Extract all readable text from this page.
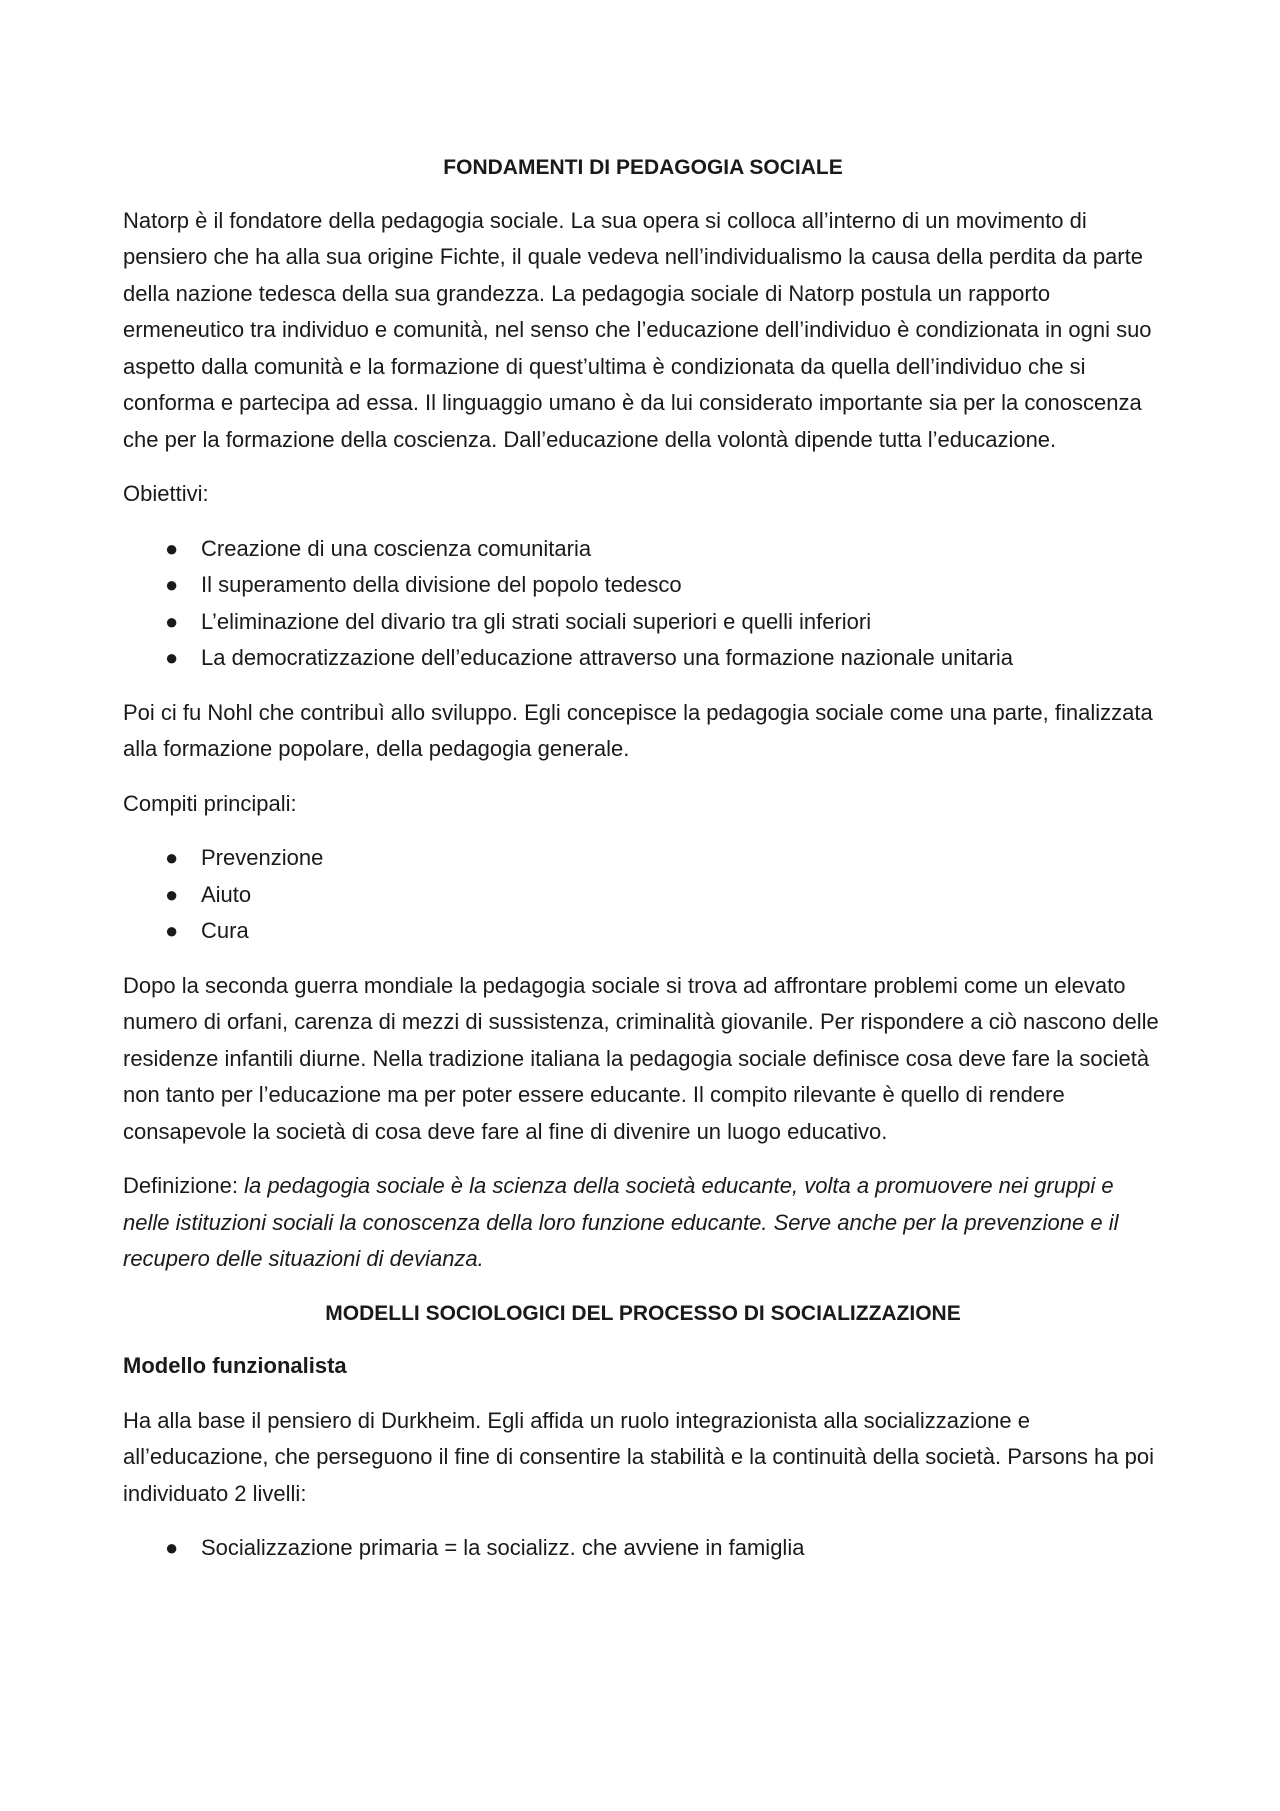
FONDAMENTI DI PEDAGOGIA SOCIALE

Natorp è il fondatore della pedagogia sociale. La sua opera si colloca all’interno di un movimento di pensiero che ha alla sua origine Fichte, il quale vedeva nell’individualismo la causa della perdita da parte della nazione tedesca della sua grandezza. La pedagogia sociale di Natorp postula un rapporto ermeneutico tra individuo e comunità, nel senso che l’educazione dell’individuo è condizionata in ogni suo aspetto dalla comunità e la formazione di quest’ultima è condizionata da quella dell’individuo che si conforma e partecipa ad essa. Il linguaggio umano è da lui considerato importante sia per la conoscenza che per la formazione della coscienza. Dall’educazione della volontà dipende tutta l’educazione.

Obiettivi:

● Creazione di una coscienza comunitaria
● Il superamento della divisione del popolo tedesco
● L’eliminazione del divario tra gli strati sociali superiori e quelli inferiori
● La democratizzazione dell’educazione attraverso una formazione nazionale unitaria

Poi ci fu Nohl che contribuì allo sviluppo. Egli concepisce la pedagogia sociale come una parte, finalizzata alla formazione popolare, della pedagogia generale.

Compiti principali:

● Prevenzione
● Aiuto
● Cura

Dopo la seconda guerra mondiale la pedagogia sociale si trova ad affrontare problemi come un elevato numero di orfani, carenza di mezzi di sussistenza, criminalità giovanile. Per rispondere a ciò nascono delle residenze infantili diurne. Nella tradizione italiana la pedagogia sociale definisce cosa deve fare la società non tanto per l’educazione ma per poter essere educante. Il compito rilevante è quello di rendere consapevole la società di cosa deve fare al fine di divenire un luogo educativo.

Definizione: la pedagogia sociale è la scienza della società educante, volta a promuovere nei gruppi e nelle istituzioni sociali la conoscenza della loro funzione educante. Serve anche per la prevenzione e il recupero delle situazioni di devianza.

MODELLI SOCIOLOGICI DEL PROCESSO DI SOCIALIZZAZIONE
Modello funzionalista

Ha alla base il pensiero di Durkheim. Egli affida un ruolo integrazionista alla socializzazione e all’educazione, che perseguono il fine di consentire la stabilità e la continuità della società. Parsons ha poi individuato 2 livelli:

● Socializzazione primaria = la socializz. che avviene in famiglia
